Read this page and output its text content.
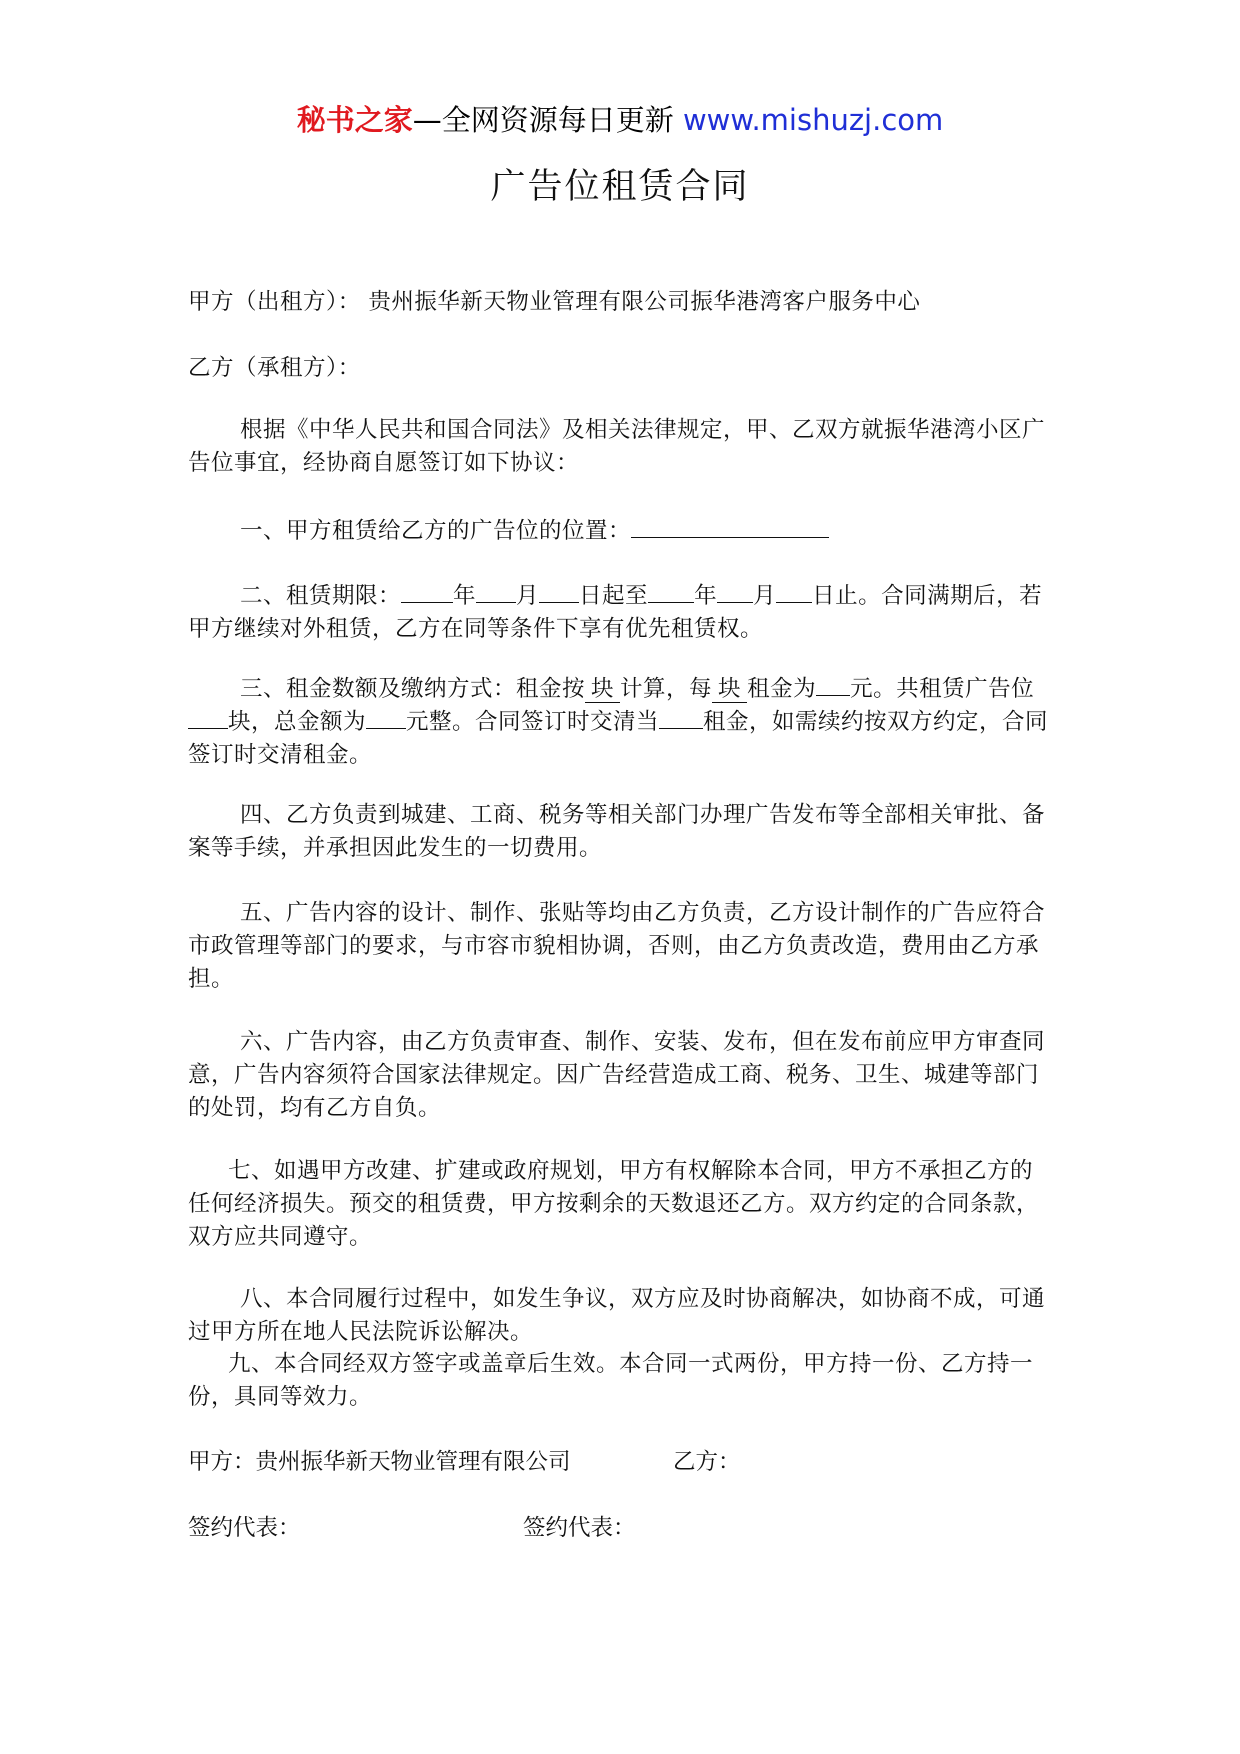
秘书之家—全网资源每日更新 www.mishuzj.com
广告位租赁合同
甲方（出租方）： 贵州振华新天物业管理有限公司振华港湾客户服务中心
乙方（承租方）：
根据《中华人民共和国合同法》及相关法律规定，甲、乙双方就振华港湾小区广告位事宜，经协商自愿签订如下协议：
一、甲方租赁给乙方的广告位的位置：
二、租赁期限： 年 月 日起至 年 月 日止。合同满期后，若甲方继续对外租赁，乙方在同等条件下享有优先租赁权。
三、租金数额及缴纳方式：租金按 块 计算，每 块 租金为 元。共租赁广告位块，总金额为 元整。合同签订时交清当 租金，如需续约按双方约定，合同签订时交清租金。
四、乙方负责到城建、工商、税务等相关部门办理广告发布等全部相关审批、备案等手续，并承担因此发生的一切费用。
五、广告内容的设计、制作、张贴等均由乙方负责，乙方设计制作的广告应符合市政管理等部门的要求，与市容市貌相协调，否则，由乙方负责改造，费用由乙方承担。
六、广告内容，由乙方负责审查、制作、安装、发布，但在发布前应甲方审查同意，广告内容须符合国家法律规定。因广告经营造成工商、税务、卫生、城建等部门的处罚，均有乙方自负。
七、如遇甲方改建、扩建或政府规划，甲方有权解除本合同，甲方不承担乙方的任何经济损失。预交的租赁费，甲方按剩余的天数退还乙方。双方约定的合同条款，双方应共同遵守。
八、本合同履行过程中，如发生争议，双方应及时协商解决，如协商不成，可通过甲方所在地人民法院诉讼解决。
九、本合同经双方签字或盖章后生效。本合同一式两份，甲方持一份、乙方持一份，具同等效力。
甲方：贵州振华新天物业管理有限公司	乙方：
签约代表：	签约代表：
